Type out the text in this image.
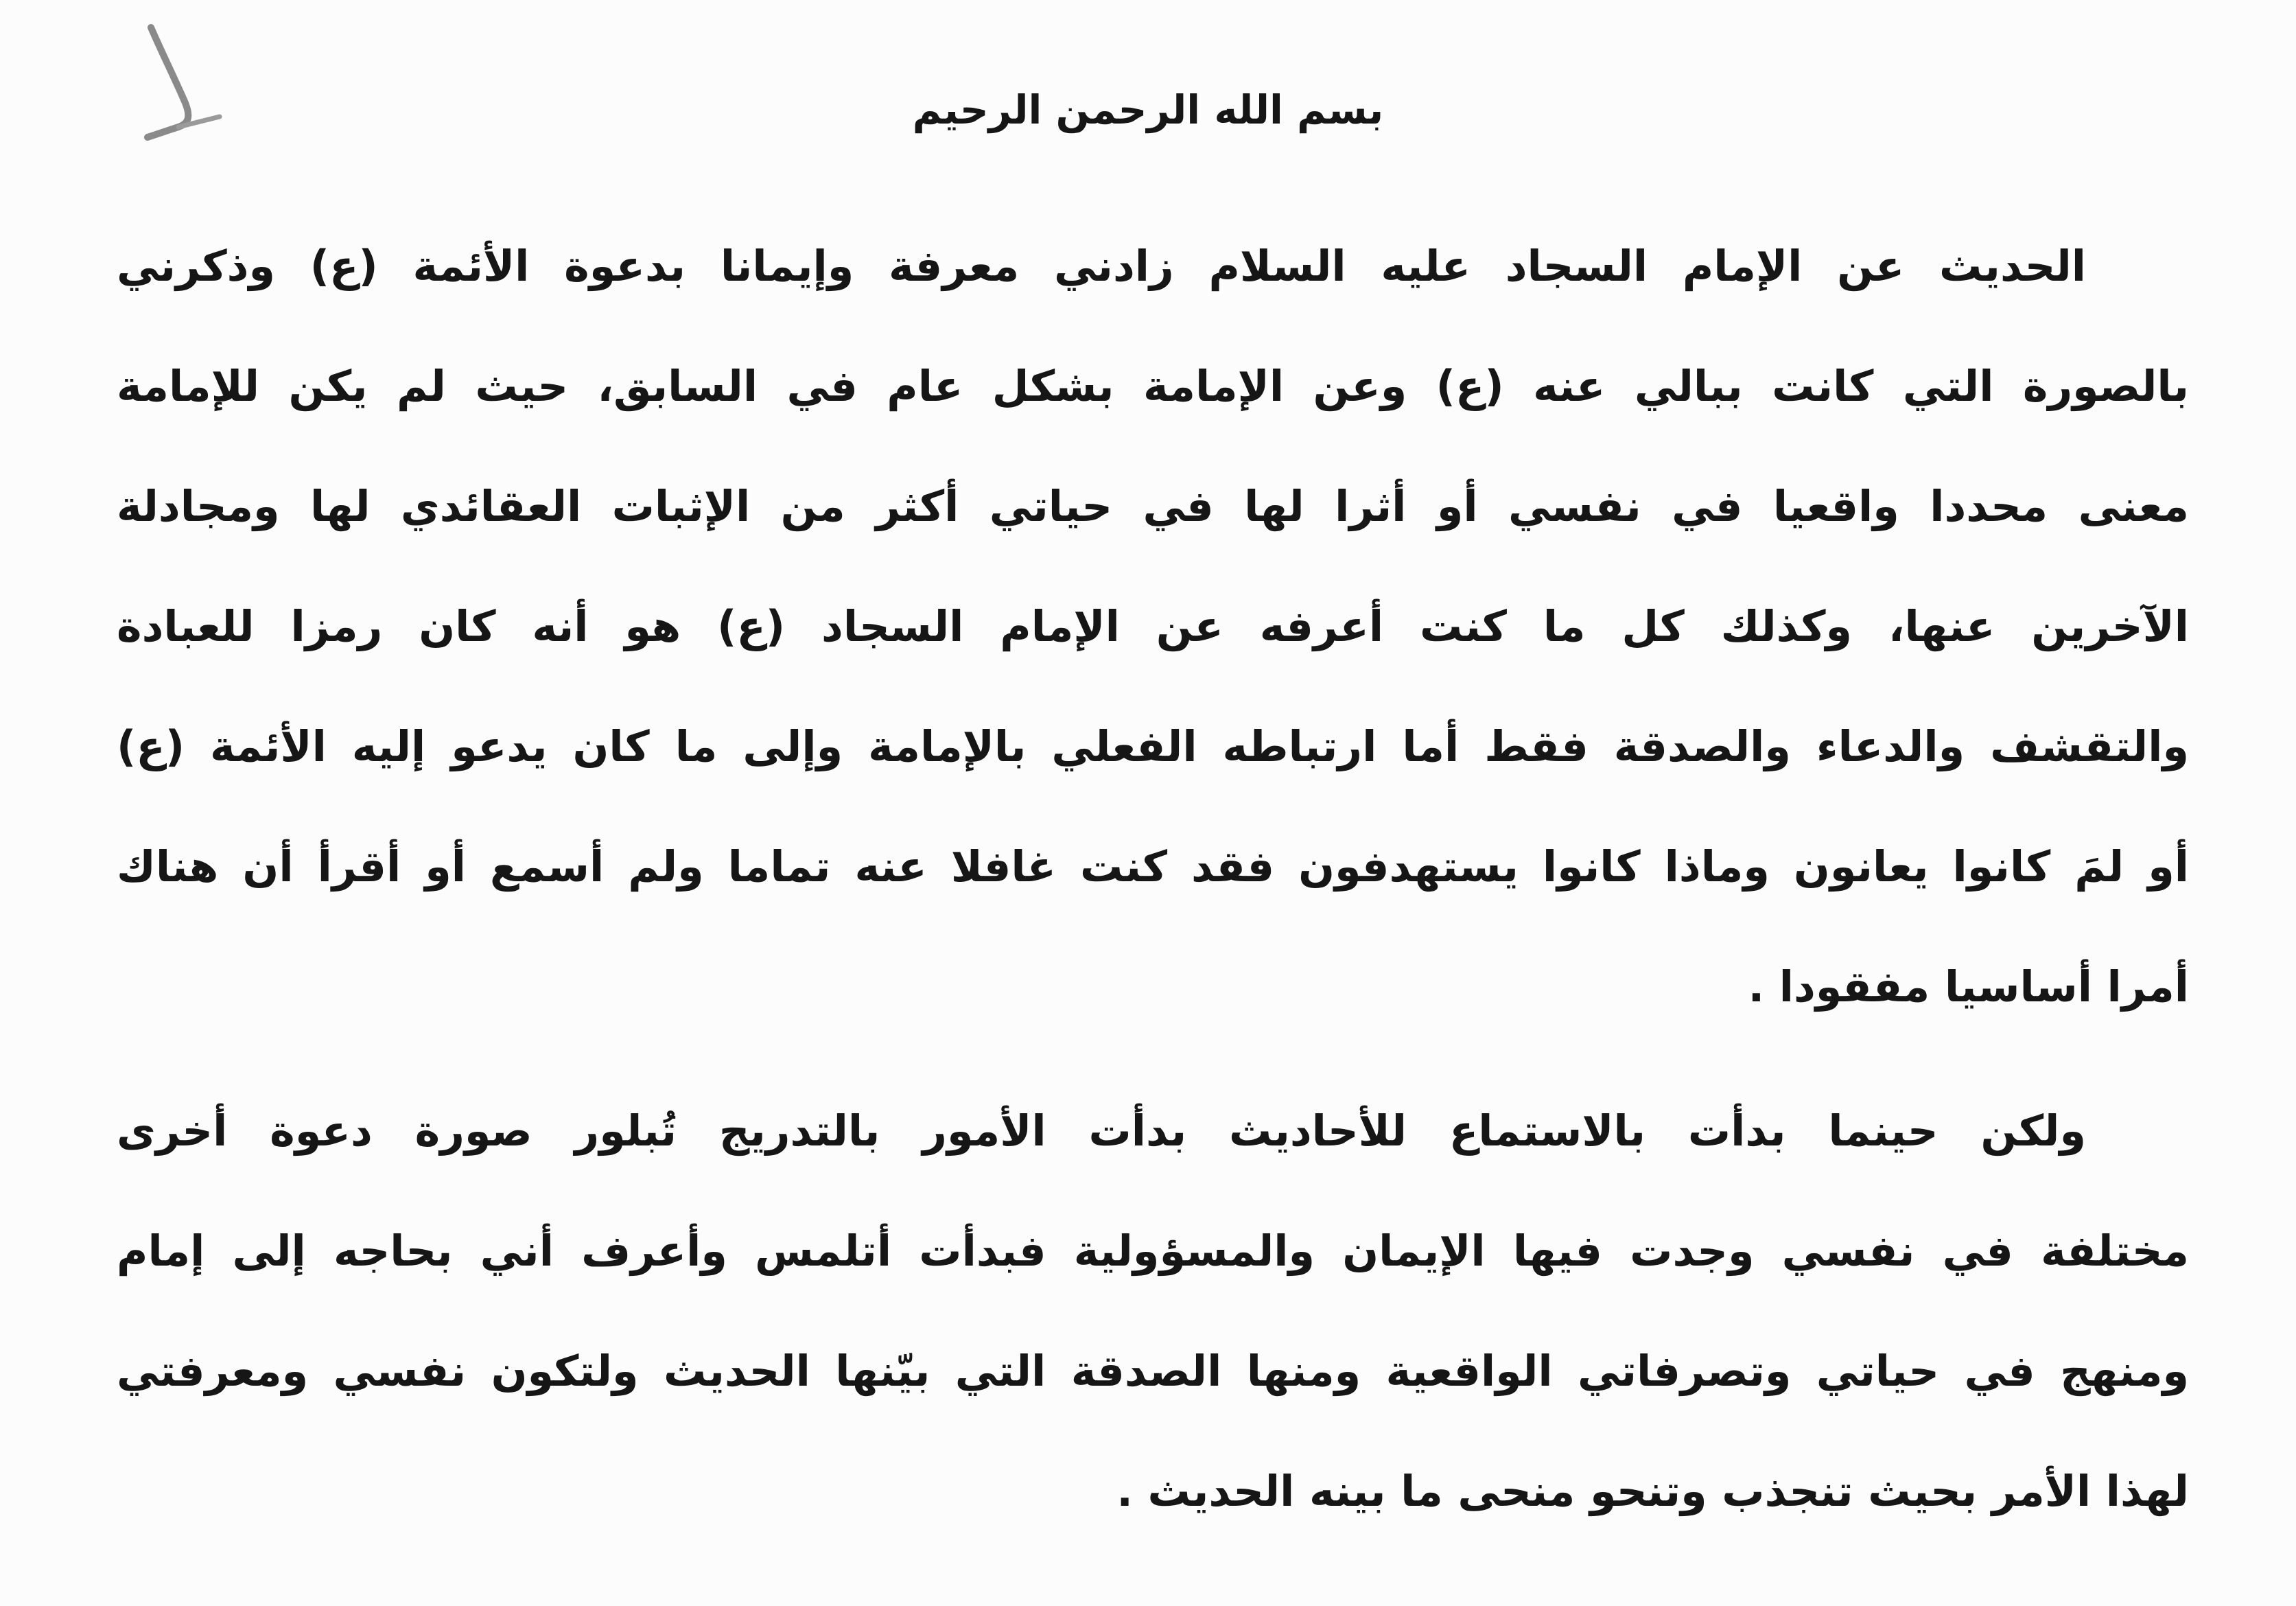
بسم الله الرحمن الرحيم
الحديث عن الإمام السجاد عليه السلام زادني معرفة وإيمانا بدعوة الأئمة (ع) وذكرني
بالصورة التي كانت ببالي عنه (ع) وعن الإمامة بشكل عام في السابق، حيث لم يكن للإمامة
معنى محددا واقعيا في نفسي أو أثرا لها في حياتي أكثر من الإثبات العقائدي لها ومجادلة
الآخرين عنها، وكذلك كل ما كنت أعرفه عن الإمام السجاد (ع) هو أنه كان رمزا للعبادة
والتقشف والدعاء والصدقة فقط أما ارتباطه الفعلي بالإمامة وإلى ما كان يدعو إليه الأئمة (ع)
أو لمَ كانوا يعانون وماذا كانوا يستهدفون فقد كنت غافلا عنه تماما ولم أسمع أو أقرأ أن هناك
أمرا أساسيا مفقودا .
ولكن حينما بدأت بالاستماع للأحاديث بدأت الأمور بالتدريج تُبلور صورة دعوة أخرى
مختلفة في نفسي وجدت فيها الإيمان والمسؤولية فبدأت أتلمس وأعرف أني بحاجه إلى إمام
ومنهج في حياتي وتصرفاتي الواقعية ومنها الصدقة التي بيّنها الحديث ولتكون نفسي ومعرفتي
لهذا الأمر بحيث تنجذب وتنحو منحى ما بينه الحديث .
